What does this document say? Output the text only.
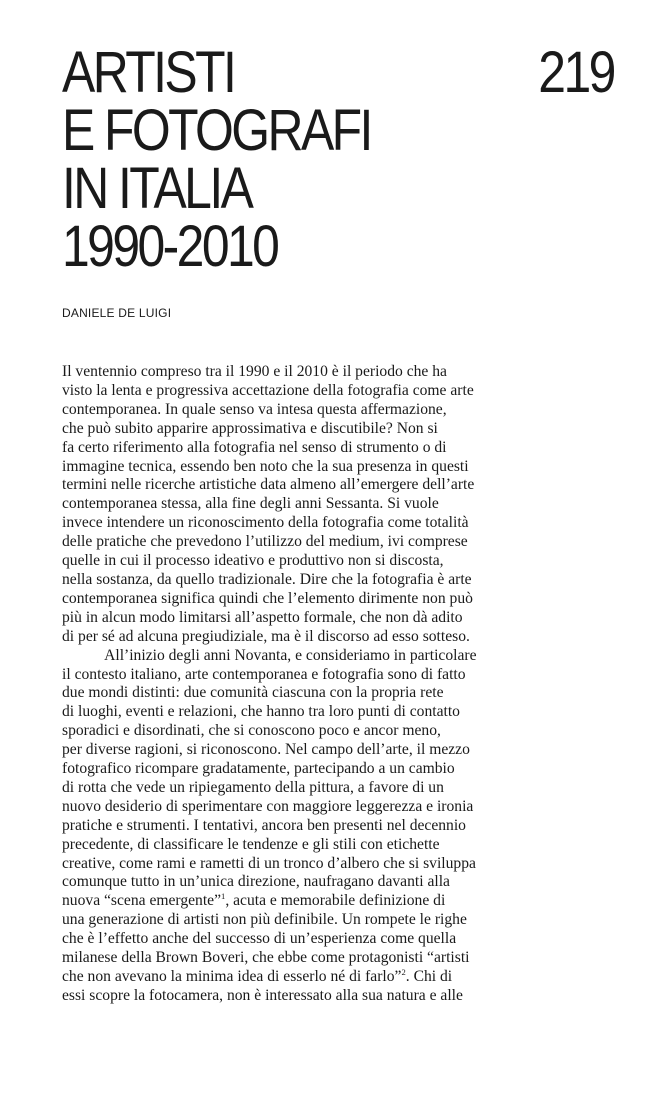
ARTISTI
E FOTOGRAFI
IN ITALIA
1990-2010
219
DANIELE DE LUIGI
Il ventennio compreso tra il 1990 e il 2010 è il periodo che ha
visto la lenta e progressiva accettazione della fotografia come arte
contemporanea. In quale senso va intesa questa affermazione,
che può subito apparire approssimativa e discutibile? Non si
fa certo riferimento alla fotografia nel senso di strumento o di
immagine tecnica, essendo ben noto che la sua presenza in questi
termini nelle ricerche artistiche data almeno all’emergere dell’arte
contemporanea stessa, alla fine degli anni Sessanta. Si vuole
invece intendere un riconoscimento della fotografia come totalità
delle pratiche che prevedono l’utilizzo del medium, ivi comprese
quelle in cui il processo ideativo e produttivo non si discosta,
nella sostanza, da quello tradizionale. Dire che la fotografia è arte
contemporanea significa quindi che l’elemento dirimente non può
più in alcun modo limitarsi all’aspetto formale, che non dà adito
di per sé ad alcuna pregiudiziale, ma è il discorso ad esso sotteso.
All’inizio degli anni Novanta, e consideriamo in particolare
il contesto italiano, arte contemporanea e fotografia sono di fatto
due mondi distinti: due comunità ciascuna con la propria rete
di luoghi, eventi e relazioni, che hanno tra loro punti di contatto
sporadici e disordinati, che si conoscono poco e ancor meno,
per diverse ragioni, si riconoscono. Nel campo dell’arte, il mezzo
fotografico ricompare gradatamente, partecipando a un cambio
di rotta che vede un ripiegamento della pittura, a favore di un
nuovo desiderio di sperimentare con maggiore leggerezza e ironia
pratiche e strumenti. I tentativi, ancora ben presenti nel decennio
precedente, di classificare le tendenze e gli stili con etichette
creative, come rami e rametti di un tronco d’albero che si sviluppa
comunque tutto in un’unica direzione, naufragano davanti alla
nuova “scena emergente”$^1$, acuta e memorabile definizione di
una generazione di artisti non più definibile. Un rompete le righe
che è l’effetto anche del successo di un’esperienza come quella
milanese della Brown Boveri, che ebbe come protagonisti “artisti
che non avevano la minima idea di esserlo né di farlo”$^2$. Chi di
essi scopre la fotocamera, non è interessato alla sua natura e alle
